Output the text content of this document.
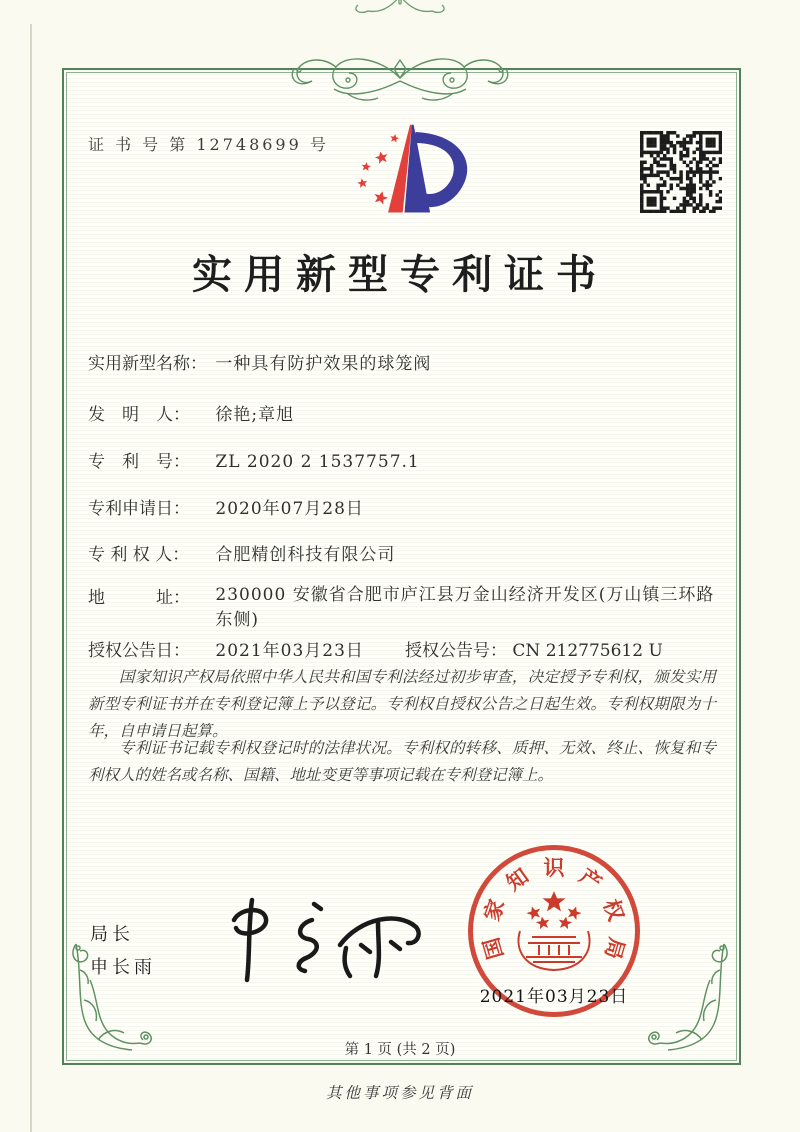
证 书 号 第 12748699 号
实用新型专利证书
实用新型名称： 一种具有防护效果的球笼阀
发　明　人： 徐艳;章旭
专　利　号： ZL 2020 2 1537757.1
专利申请日： 2020年07月28日
专 利 权 人： 合肥精创科技有限公司
地　　　址： 230000 安徽省合肥市庐江县万金山经济开发区(万山镇三环路东侧)
授权公告日： 2021年03月23日 授权公告号： CN 212775612 U
国家知识产权局依照中华人民共和国专利法经过初步审查，决定授予专利权，颁发实用新型专利证书并在专利登记簿上予以登记。专利权自授权公告之日起生效。专利权期限为十年，自申请日起算。
专利证书记载专利权登记时的法律状况。专利权的转移、质押、无效、终止、恢复和专利权人的姓名或名称、国籍、地址变更等事项记载在专利登记簿上。
局长
申长雨
国
家
知 识 产
权
局
2021年03月23日
第 1 页 (共 2 页)
其他事项参见背面
